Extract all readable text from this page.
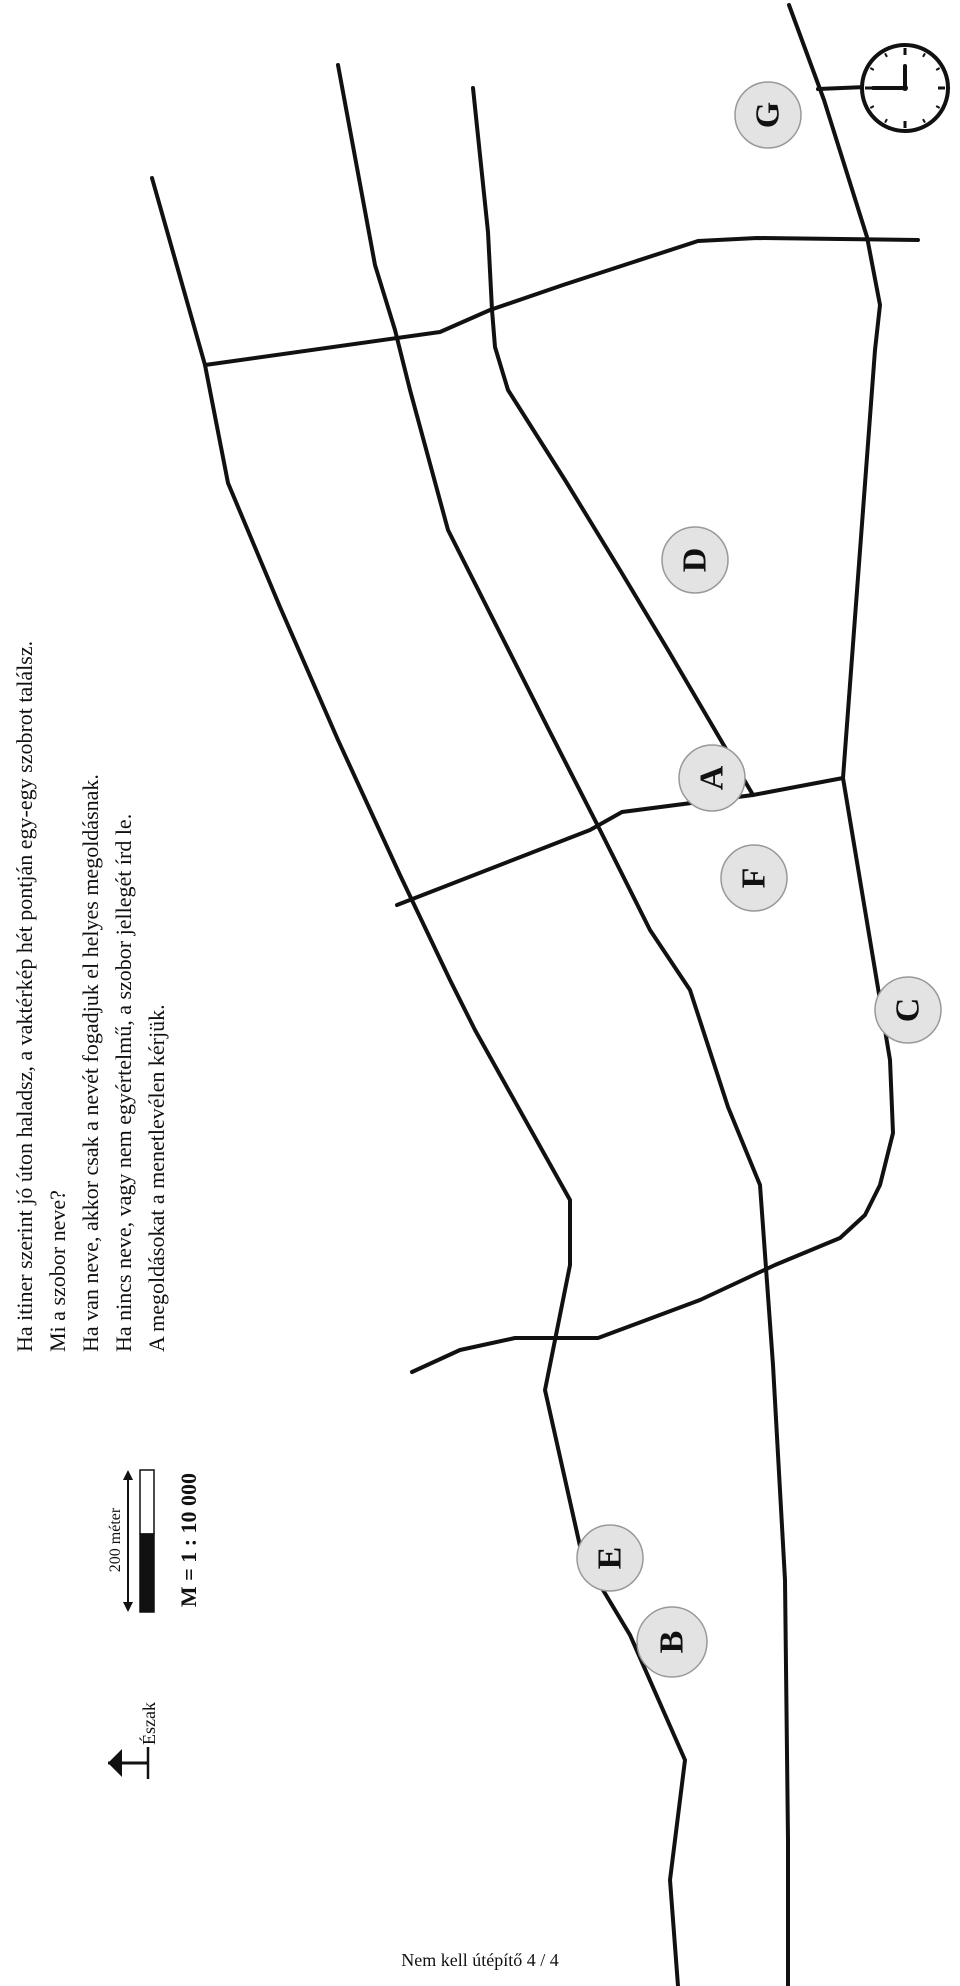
A
B
C
D
E
F
G
Észak
200 méter M = 1 : 10 000
Ha itiner szerint jó úton haladsz, a vaktérkép hét pontján egy-egy szobrot találsz. Mi a szobor neve? Ha van neve, akkor csak a nevét fogadjuk el helyes megoldásnak. Ha nincs neve, vagy nem egyértelmű, a szobor jellegét írd le. A megoldásokat a menetlevélen kérjük.
Nem kell útépítő 4 / 4
